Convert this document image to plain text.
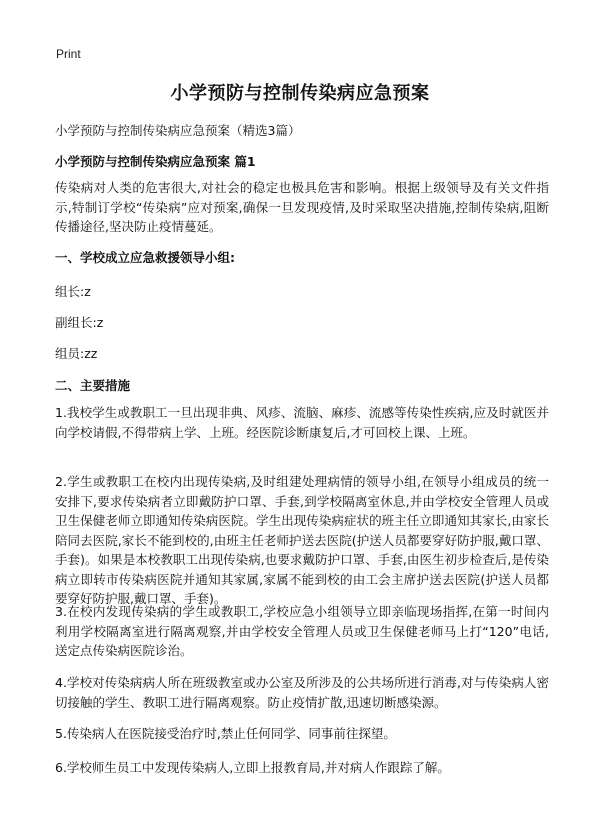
Print
小学预防与控制传染病应急预案
小学预防与控制传染病应急预案（精选3篇）
小学预防与控制传染病应急预案 篇1
传染病对人类的危害很大,对社会的稳定也极具危害和影响。根据上级领导及有关文件指示,特制订学校“传染病”应对预案,确保一旦发现疫情,及时采取坚决措施,控制传染病,阻断传播途径,坚决防止疫情蔓延。
一、学校成立应急救援领导小组:
组长:z
副组长:z
组员:zz
二、主要措施
1.我校学生或教职工一旦出现非典、风疹、流脑、麻疹、流感等传染性疾病,应及时就医并向学校请假,不得带病上学、上班。经医院诊断康复后,才可回校上课、上班。
2.学生或教职工在校内出现传染病,及时组建处理病情的领导小组,在领导小组成员的统一安排下,要求传染病者立即戴防护口罩、手套,到学校隔离室休息,并由学校安全管理人员或卫生保健老师立即通知传染病医院。学生出现传染病症状的班主任立即通知其家长,由家长陪同去医院,家长不能到校的,由班主任老师护送去医院(护送人员都要穿好防护服,戴口罩、手套)。如果是本校教职工出现传染病,也要求戴防护口罩、手套,由医生初步检查后,是传染病立即转市传染病医院并通知其家属,家属不能到校的由工会主席护送去医院(护送人员都要穿好防护服,戴口罩、手套)。
3.在校内发现传染病的学生或教职工,学校应急小组领导立即亲临现场指挥,在第一时间内利用学校隔离室进行隔离观察,并由学校安全管理人员或卫生保健老师马上打“120”电话,送定点传染病医院诊治。
4.学校对传染病病人所在班级教室或办公室及所涉及的公共场所进行消毒,对与传染病人密切接触的学生、教职工进行隔离观察。防止疫情扩散,迅速切断感染源。
5.传染病人在医院接受治疗时,禁止任何同学、同事前往探望。
6.学校师生员工中发现传染病人,立即上报教育局,并对病人作跟踪了解。
